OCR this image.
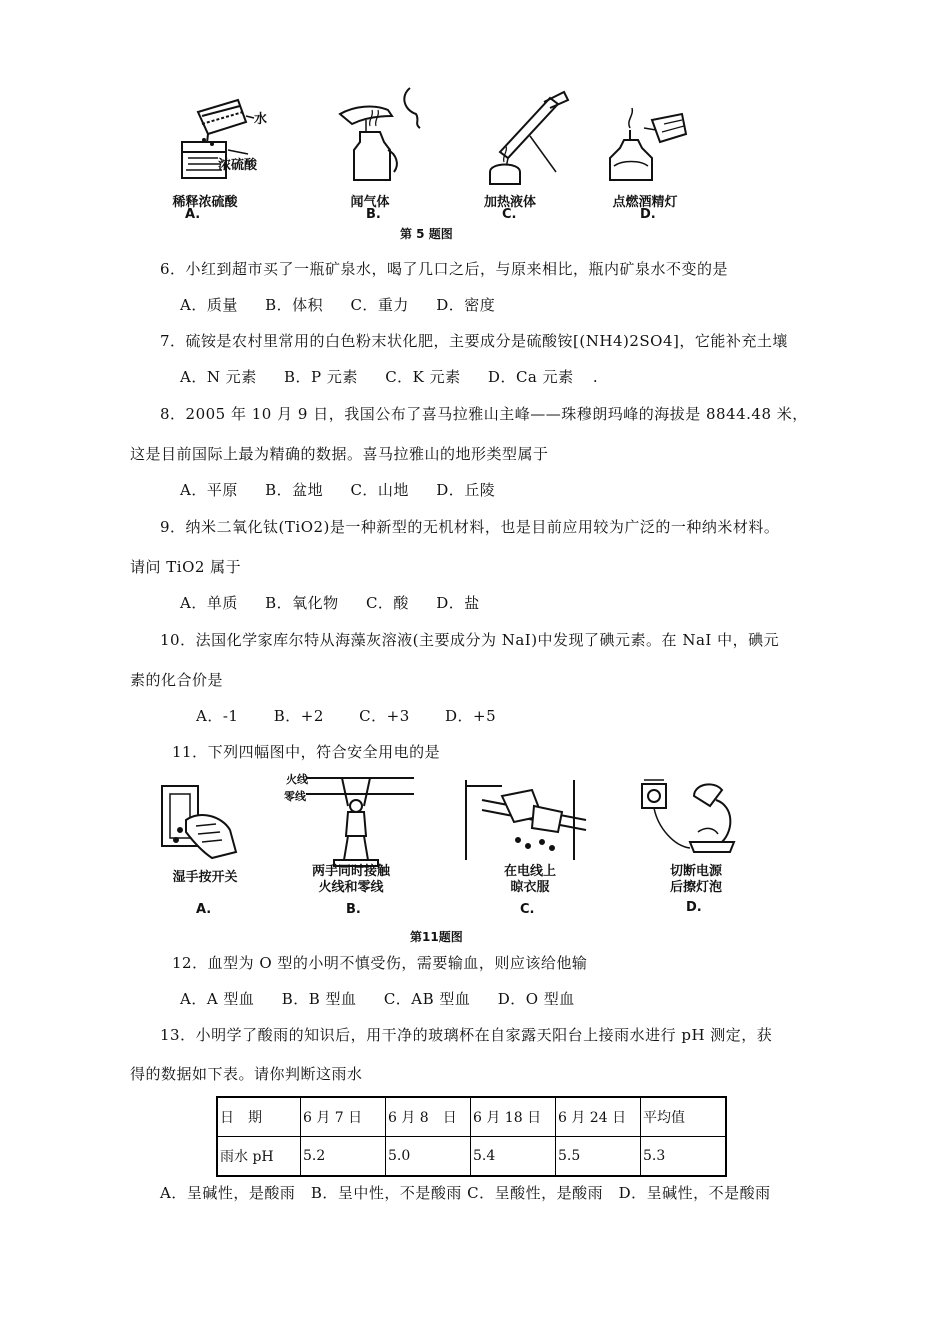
水
浓硫酸
稀释浓硫酸	闻气体	加热液体	点燃酒精灯
A.	B.	C.	D.
第 5 题图
6．小红到超市买了一瓶矿泉水，喝了几口之后，与原来相比，瓶内矿泉水不变的是
A．质量 B．体积 C．重力 D．密度
7．硫铵是农村里常用的白色粉末状化肥，主要成分是硫酸铵[(NH4)2SO4]，它能补充土壤
A．N 元素 B．P 元素 C．K 元素 D．Ca 元素 .
8．2005 年 10 月 9 日，我国公布了喜马拉雅山主峰——珠穆朗玛峰的海拔是 8844.48 米，
这是目前国际上最为精确的数据。喜马拉雅山的地形类型属于
A．平原 B．盆地 C．山地 D．丘陵
9．纳米二氧化钛(TiO2)是一种新型的无机材料，也是目前应用较为广泛的一种纳米材料。
请问 TiO2 属于
A．单质 B．氧化物 C．酸 D．盐
10．法国化学家库尔特从海藻灰溶液(主要成分为 NaI)中发现了碘元素。在 NaI 中，碘元
素的化合价是
A．-1 B．+2 C．+3 D．+5
11．下列四幅图中，符合安全用电的是
火线
零线
湿手按开关	两手同时接触
火线和零线
在电线上
晾衣服
切断电源
后擦灯泡
A.	B.	C.	D.
第11题图
12．血型为 O 型的小明不慎受伤，需要输血，则应该给他输
A．A 型血 B．B 型血 C．AB 型血 D．O 型血
13．小明学了酸雨的知识后，用干净的玻璃杯在自家露天阳台上接雨水进行 pH 测定，获
得的数据如下表。请你判断这雨水
日　期	6 月 7 日	6 月 8　日	6 月 18 日	6 月 24 日	平均值
雨水 pH	5.2	5.0	5.4	5.5	5.3
A．呈碱性，是酸雨　B．呈中性，不是酸雨 C．呈酸性，是酸雨　D．呈碱性，不是酸雨
